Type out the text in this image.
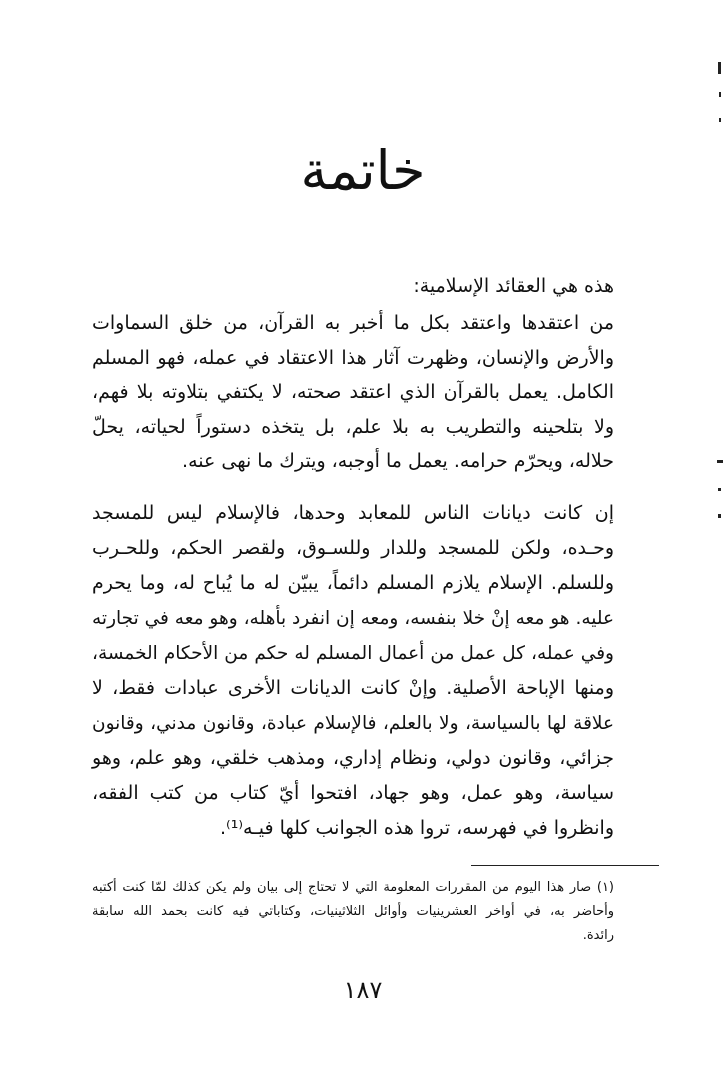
خاتمة
هذه هي العقائد الإسلامية:
من اعتقدها واعتقد بكل ما أخبر به القرآن، من خلق السماوات
والأرض والإنسان، وظهرت آثار هذا الاعتقاد في عمله، فهو المسلم
الكامل. يعمل بالقرآن الذي اعتقد صحته، لا يكتفي بتلاوته بلا فهم،
ولا بتلحينه والتطريب به بلا علم، بل يتخذه دستوراً لحياته، يحلّ
حلاله، ويحرّم حرامه. يعمل ما أوجبه، ويترك ما نهى عنه.
إن كانت ديانات الناس للمعابد وحدها، فالإسلام ليس للمسجد
وحـده، ولكن للمسجد وللدار وللسـوق، ولقصر الحكم، وللحـرب
وللسلم. الإسلام يلازم المسلم دائماً، يبيّن له ما يُباح له، وما يحرم
عليه. هو معه إنْ خلا بنفسه، ومعه إن انفرد بأهله، وهو معه في تجارته
وفي عمله، كل عمل من أعمال المسلم له حكم من الأحكام الخمسة،
ومنها الإباحة الأصلية. وإنْ كانت الديانات الأخرى عبادات فقط، لا
علاقة لها بالسياسة، ولا بالعلم، فالإسلام عبادة، وقانون مدني، وقانون
جزائي، وقانون دولي، ونظام إداري، ومذهب خلقي، وهو علم، وهو
سياسة، وهو عمل، وهو جهاد، افتحوا أيّ كتاب من كتب الفقه،
وانظروا في فهرسه، تروا هذه الجوانب كلها فيـه⁽¹⁾.
(١) صار هذا اليوم من المقررات المعلومة التي لا تحتاج إلى بيان ولم يكن كذلك لمّا كنت أكتبه
وأحاضر به، في أواخر العشرينيات وأوائل الثلاثينيات، وكتاباتي فيه كانت بحمد الله سابقة
رائدة.
١٨٧
